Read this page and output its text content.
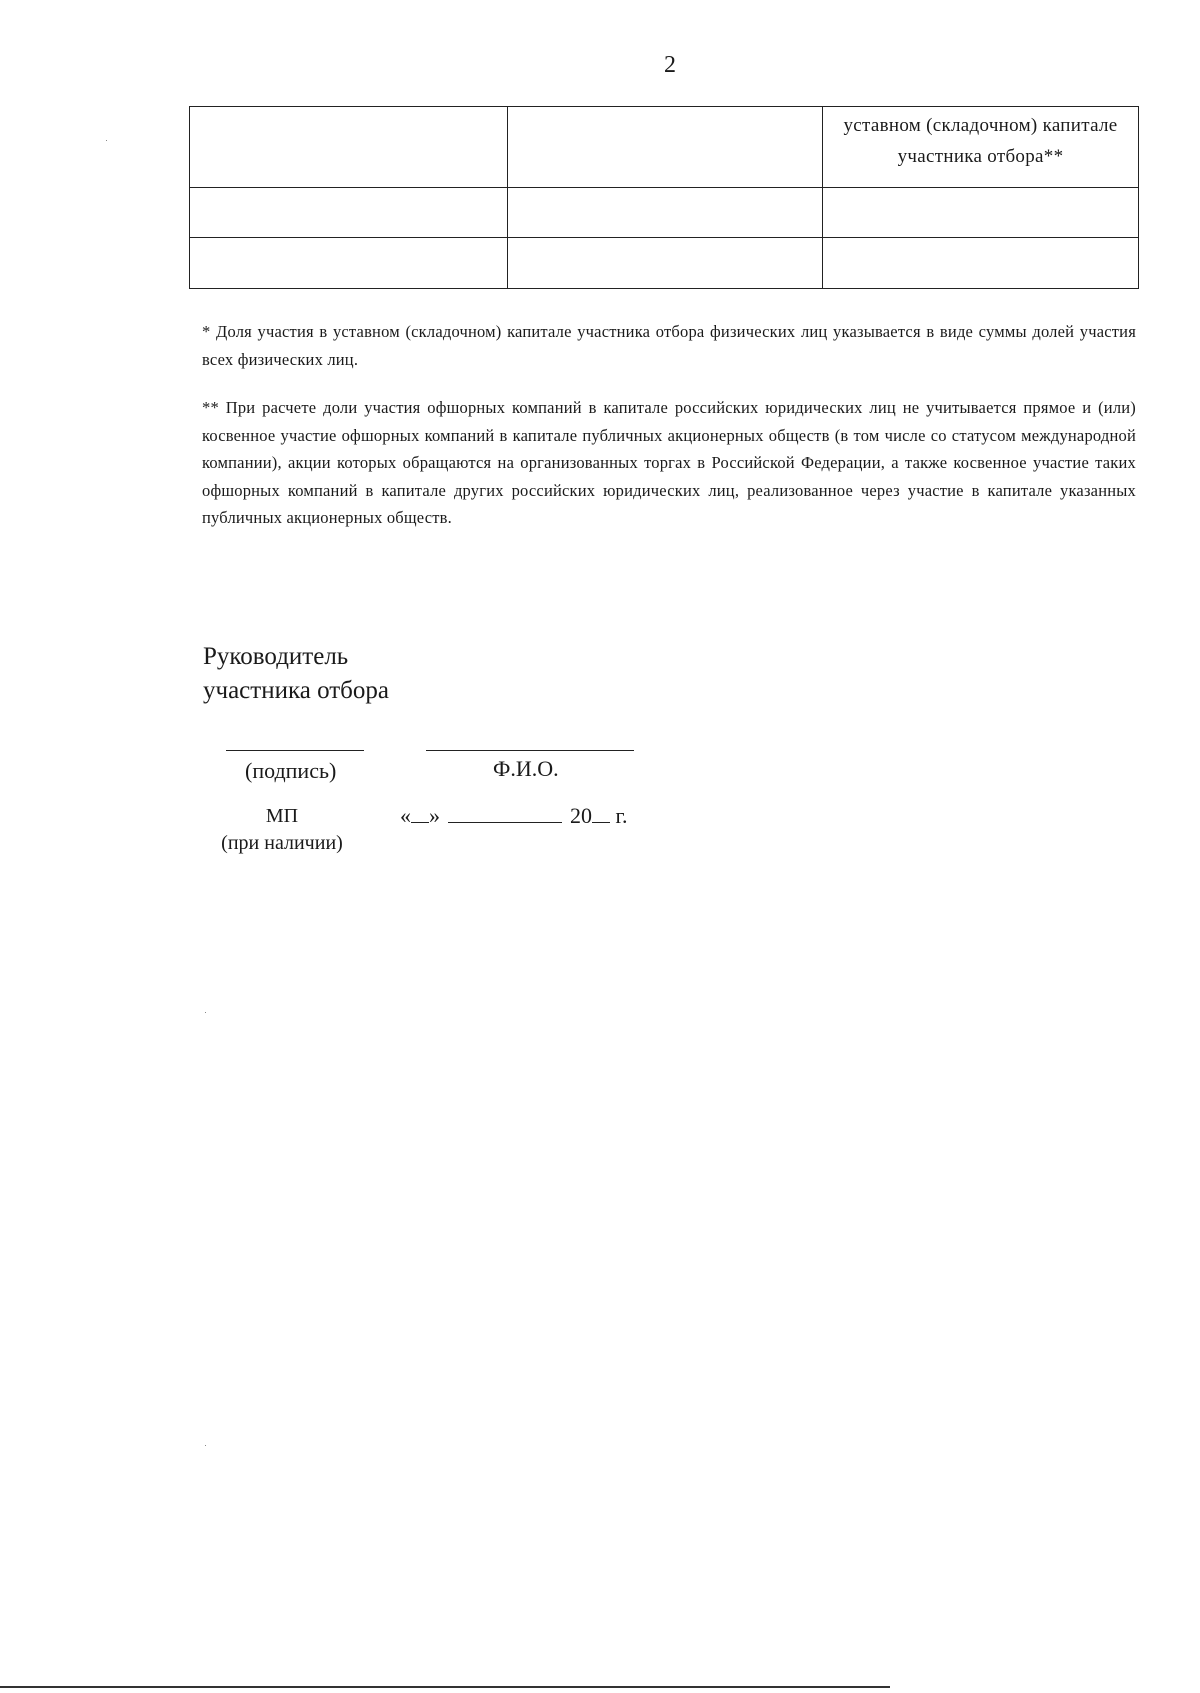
2

		уставном (складочном) капитале участника отбора**

* Доля участия в уставном (складочном) капитале участника отбора физических лиц указывается в виде суммы долей участия всех физических лиц.
** При расчете доли участия офшорных компаний в капитале российских юридических лиц не учитывается прямое и (или) косвенное участие офшорных компаний в капитале публичных акционерных обществ (в том числе со статусом международной компании), акции которых обращаются на организованных торгах в Российской Федерации, а также косвенное участие таких офшорных компаний в капитале других российских юридических лиц, реализованное через участие в капитале указанных публичных акционерных обществ.
Руководитель
участника отбора
(подпись)	Ф.И.О.
МП
(при наличии)
« »	20 г.
